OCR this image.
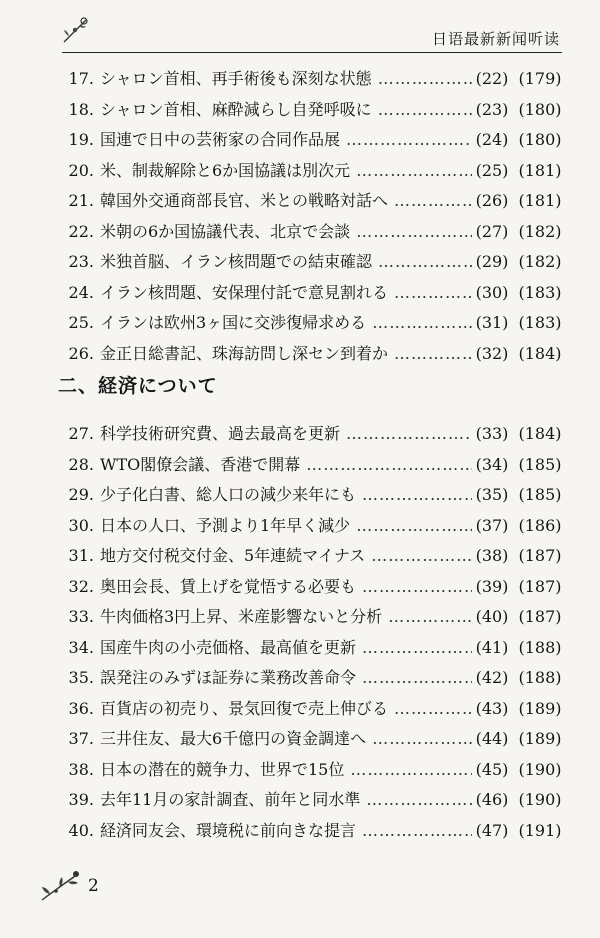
日语最新新闻听读
17. シャロン首相、再手術後も深刻な状態 ……………………………………………………………………	(22) (179)
18. シャロン首相、麻酔減らし自発呼吸に ……………………………………………………………………	(23) (180)
19. 国連で日中の芸術家の合同作品展 ……………………………………………………………………	(24) (180)
20. 米、制裁解除と6か国協議は別次元 ……………………………………………………………………	(25) (181)
21. 韓国外交通商部長官、米との戦略対話へ ……………………………………………………………………	(26) (181)
22. 米朝の6か国協議代表、北京で会談 ……………………………………………………………………	(27) (182)
23. 米独首脳、イラン核問題での結束確認 ……………………………………………………………………	(29) (182)
24. イラン核問題、安保理付託で意見割れる ……………………………………………………………………	(30) (183)
25. イランは欧州3ヶ国に交渉復帰求める ……………………………………………………………………	(31) (183)
26. 金正日総書記、珠海訪問し深セン到着か ……………………………………………………………………	(32) (184)
二、経済について
27. 科学技術研究費、過去最高を更新 ……………………………………………………………………	(33) (184)
28. WTO閣僚会議、香港で開幕 ……………………………………………………………………	(34) (185)
29. 少子化白書、総人口の減少来年にも ……………………………………………………………………	(35) (185)
30. 日本の人口、予測より1年早く減少 ……………………………………………………………………	(37) (186)
31. 地方交付税交付金、5年連続マイナス ……………………………………………………………………	(38) (187)
32. 奥田会長、賃上げを覚悟する必要も ……………………………………………………………………	(39) (187)
33. 牛肉価格3円上昇、米産影響ないと分析 ……………………………………………………………………	(40) (187)
34. 国産牛肉の小売価格、最高値を更新 ……………………………………………………………………	(41) (188)
35. 誤発注のみずほ証券に業務改善命令 ……………………………………………………………………	(42) (188)
36. 百貨店の初売り、景気回復で売上伸びる ……………………………………………………………………	(43) (189)
37. 三井住友、最大6千億円の資金調達へ ……………………………………………………………………	(44) (189)
38. 日本の潜在的競争力、世界で15位 ……………………………………………………………………	(45) (190)
39. 去年11月の家計調査、前年と同水準 ……………………………………………………………………	(46) (190)
40. 経済同友会、環境税に前向きな提言 ……………………………………………………………………	(47) (191)
2
